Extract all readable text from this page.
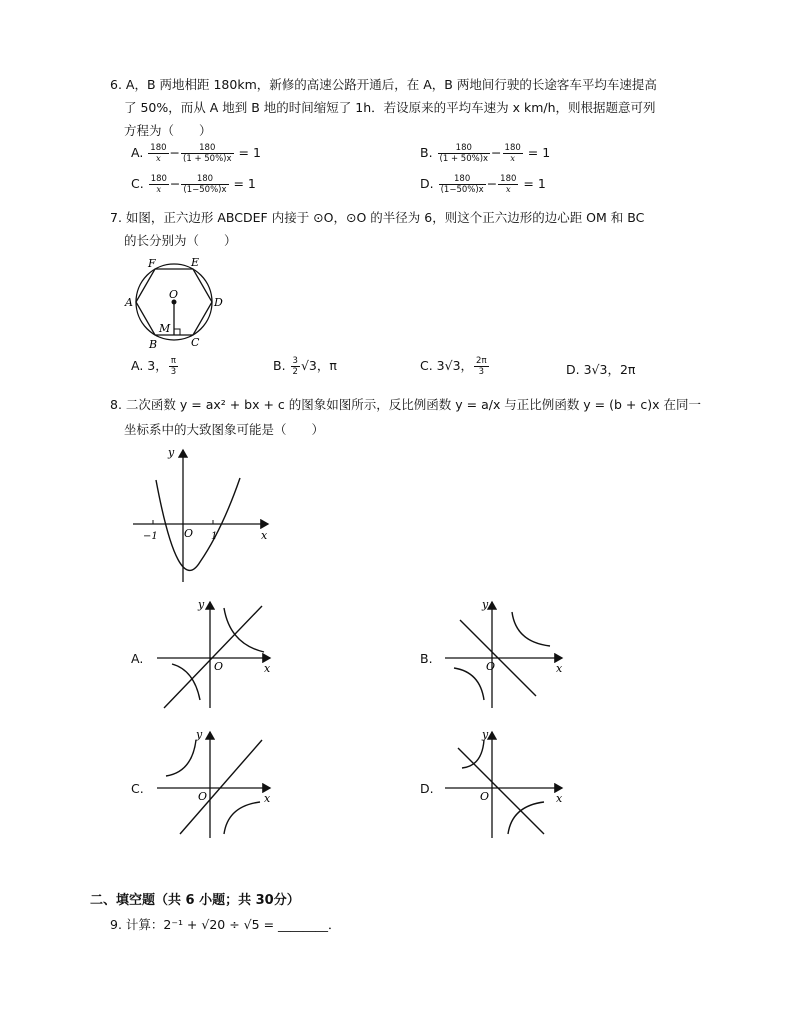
6. A，B 两地相距 180km，新修的高速公路开通后，在 A，B 两地间行驶的长途客车平均车速提高
了 50%，而从 A 地到 B 地的时间缩短了 1h．若设原来的平均车速为 x km/h，则根据题意可列
方程为（　　）
A. $\frac{180}{x} - \frac{180}{(1 + 50\%)x} = 1$	B. $\frac{180}{(1 + 50\%)x} - \frac{180}{x} = 1$
C. $\frac{180}{x} - \frac{180}{(1-50\%)x} = 1$	D. $\frac{180}{(1-50\%)x} - \frac{180}{x} = 1$
7. 如图，正六边形 ABCDEF 内接于 ⊙O，⊙O 的半径为 6，则这个正六边形的边心距 OM 和 BC
的长分别为（　　）
F	E
A	D
O
M
B	C
A. 3， $\frac{\pi}{3}$	B. $\frac{3}{2} √3$，π	C. 3√3， $\frac{2\pi}{3}$	D. 3√3，2π
8. 二次函数 y = ax² + bx + c 的图象如图所示，反比例函数 y = a/x 与正比例函数 y = (b + c)x 在同一
坐标系中的大致图象可能是（　　）
y
x
O
−1	1
A.
y
x
O
B.
y
x
O
C.
y
x
O
D.
y
x
O
二、填空题（共 6 小题；共 30分）
9. 计算：2⁻¹ + √20 ÷ √5 = ________．
